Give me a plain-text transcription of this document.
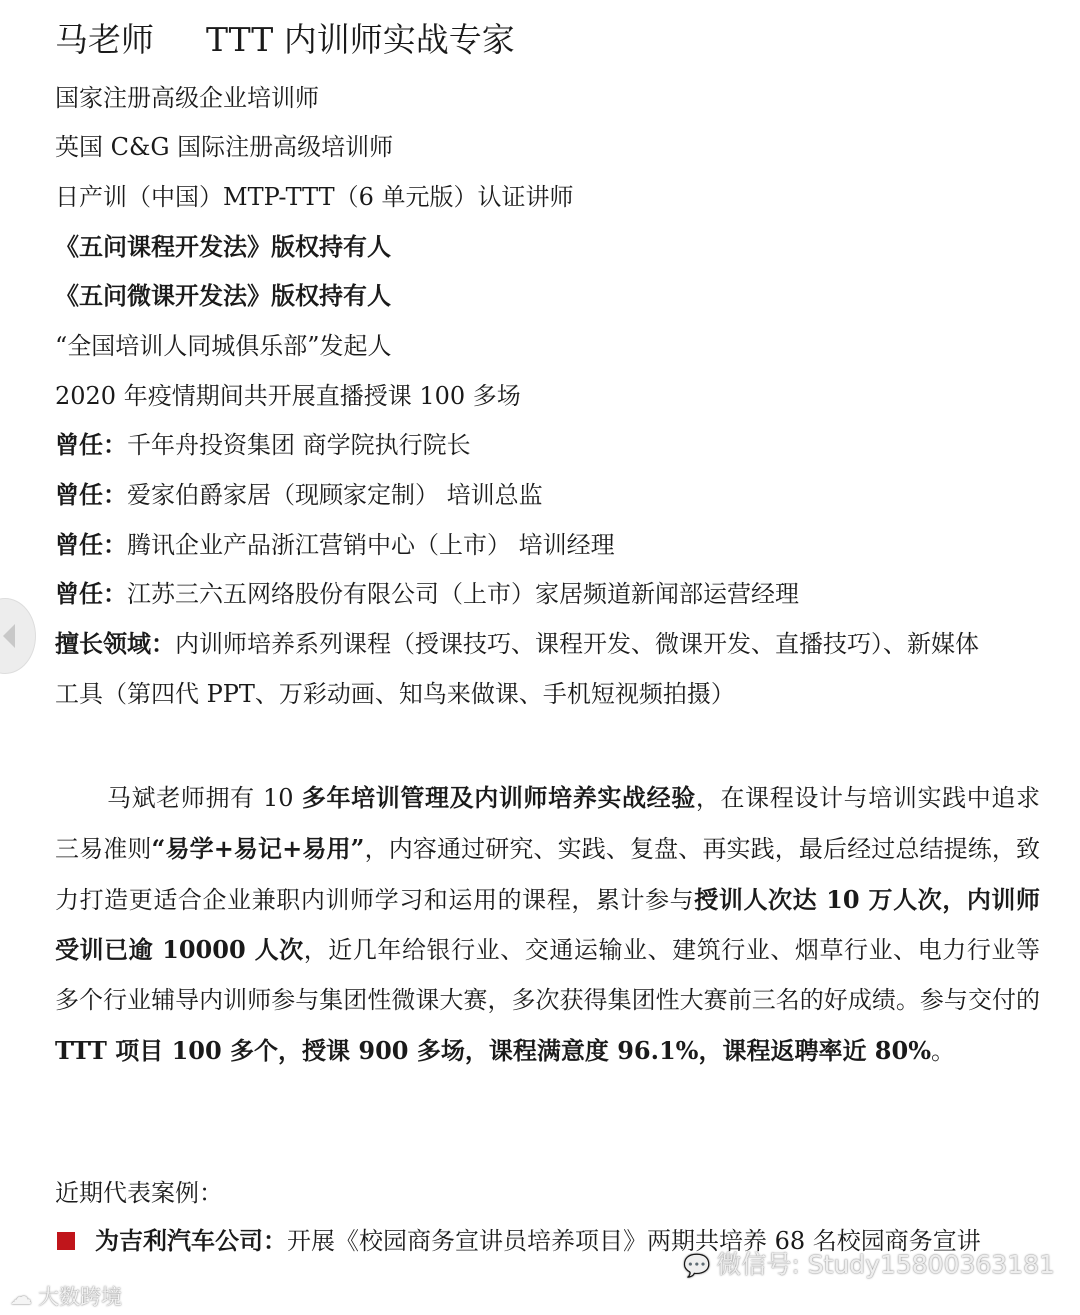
马老师 TTT 内训师实战专家
国家注册高级企业培训师
英国 C&G 国际注册高级培训师
日产训（中国）MTP-TTT（6 单元版）认证讲师
《五问课程开发法》版权持有人
《五问微课开发法》版权持有人
“全国培训人同城俱乐部”发起人
2020 年疫情期间共开展直播授课 100 多场
曾任：千年舟投资集团 商学院执行院长
曾任：爱家伯爵家居（现顾家定制） 培训总监
曾任：腾讯企业产品浙江营销中心（上市） 培训经理
曾任：江苏三六五网络股份有限公司（上市）家居频道新闻部运营经理
擅长领域：内训师培养系列课程（授课技巧、课程开发、微课开发、直播技巧）、新媒体
工具（第四代 PPT、万彩动画、知鸟来做课、手机短视频拍摄）
马斌老师拥有 10 多年培训管理及内训师培养实战经验，在课程设计与培训实践中追求三易准则“易学+易记+易用”，内容通过研究、实践、复盘、再实践，最后经过总结提练，致力打造更适合企业兼职内训师学习和运用的课程，累计参与授训人次达 10 万人次，内训师受训已逾 10000 人次，近几年给银行业、交通运输业、建筑行业、烟草行业、电力行业等多个行业辅导内训师参与集团性微课大赛，多次获得集团性大赛前三名的好成绩。参与交付的 TTT 项目 100 多个，授课 900 多场，课程满意度 96.1%，课程返聘率近 80%。
近期代表案例：
为吉利汽车公司：开展《校园商务宣讲员培养项目》两期共培养 68 名校园商务宣讲
☁ 大数跨境
💬 微信号: Study15800363181
